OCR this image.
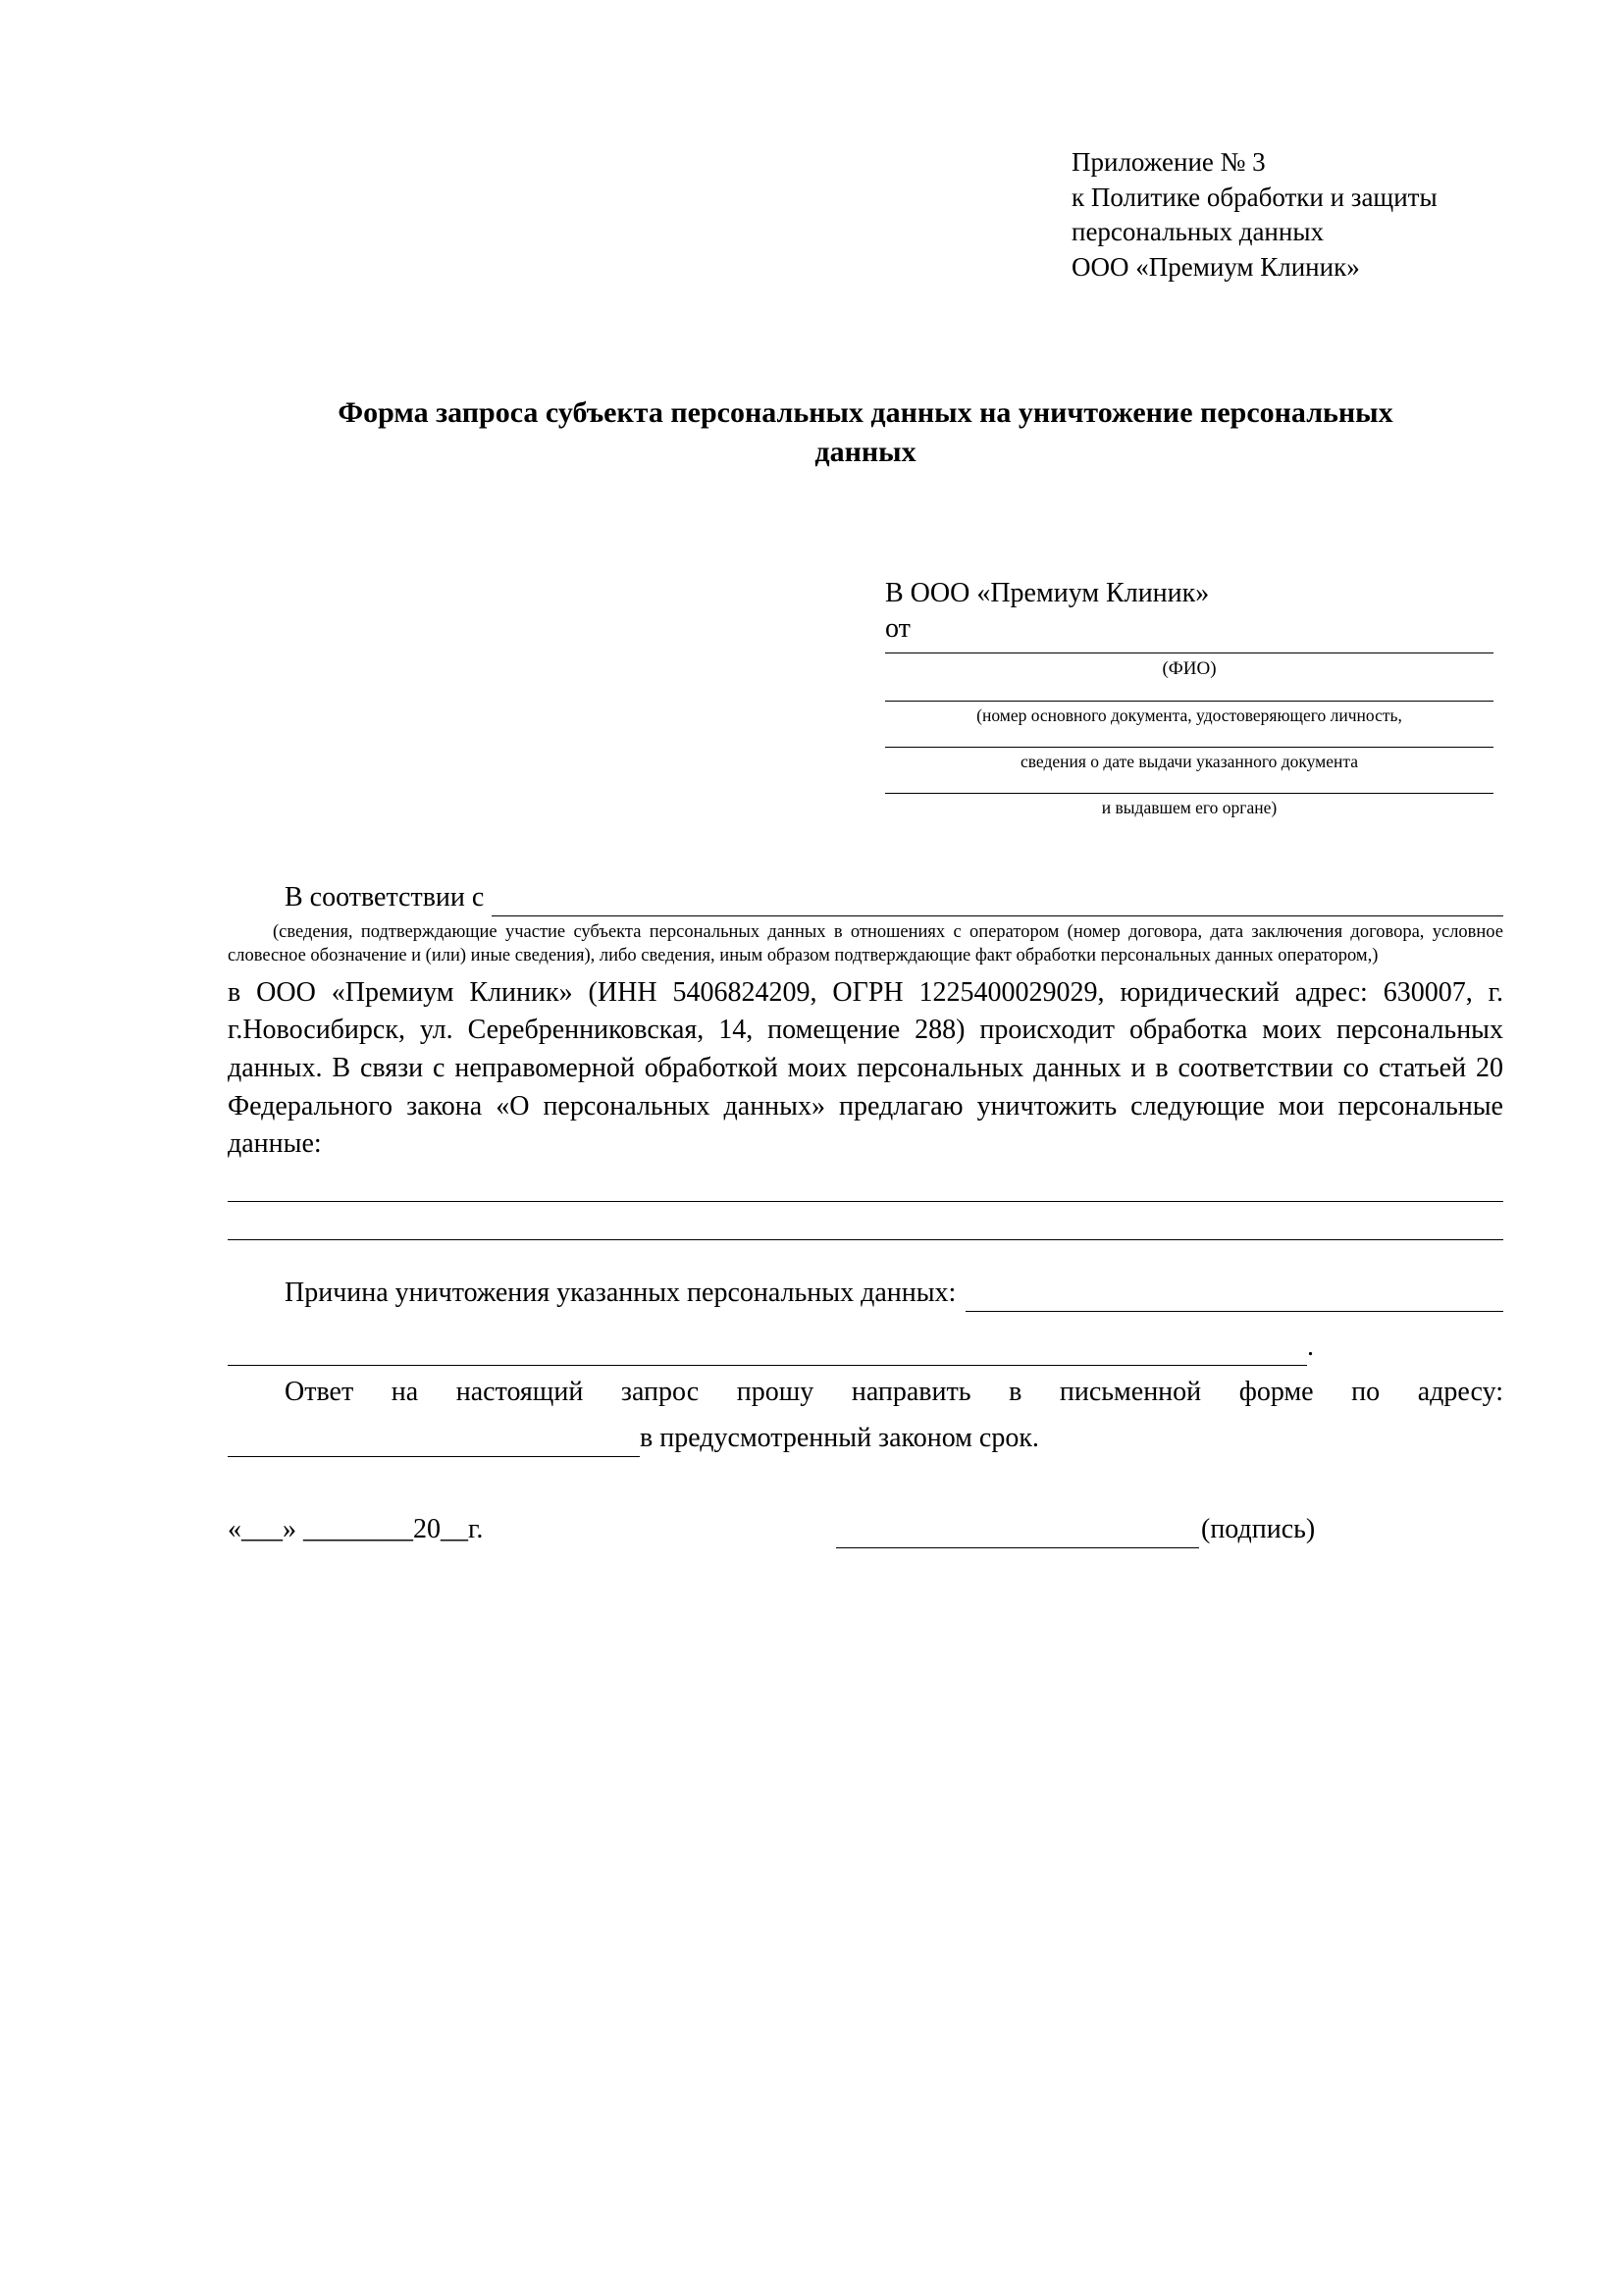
Приложение № 3
к Политике обработки и защиты
персональных данных
ООО «Премиум Клиник»
Форма запроса субъекта персональных данных на уничтожение персональных данных
В ООО «Премиум Клиник»
от
(ФИО)
(номер основного документа, удостоверяющего личность,
сведения о дате выдачи указанного документа
и выдавшем его органе)
В соответствии с
(сведения, подтверждающие участие субъекта персональных данных в отношениях с оператором (номер договора, дата заключения договора, условное словесное обозначение и (или) иные сведения), либо сведения, иным образом подтверждающие факт обработки персональных данных оператором,)
в ООО «Премиум Клиник» (ИНН 5406824209, ОГРН 1225400029029, юридический адрес: 630007, г. г.Новосибирск, ул. Серебренниковская, 14, помещение 288) происходит обработка моих персональных данных. В связи с неправомерной обработкой моих персональных данных и в соответствии со статьей 20 Федерального закона «О персональных данных» предлагаю уничтожить следующие мои персональные данные:
Причина уничтожения указанных персональных данных:
.
Ответ на настоящий запрос прошу направить в письменной форме по адресу:
в предусмотренный законом срок.
«___» ________20__г.	(подпись)
